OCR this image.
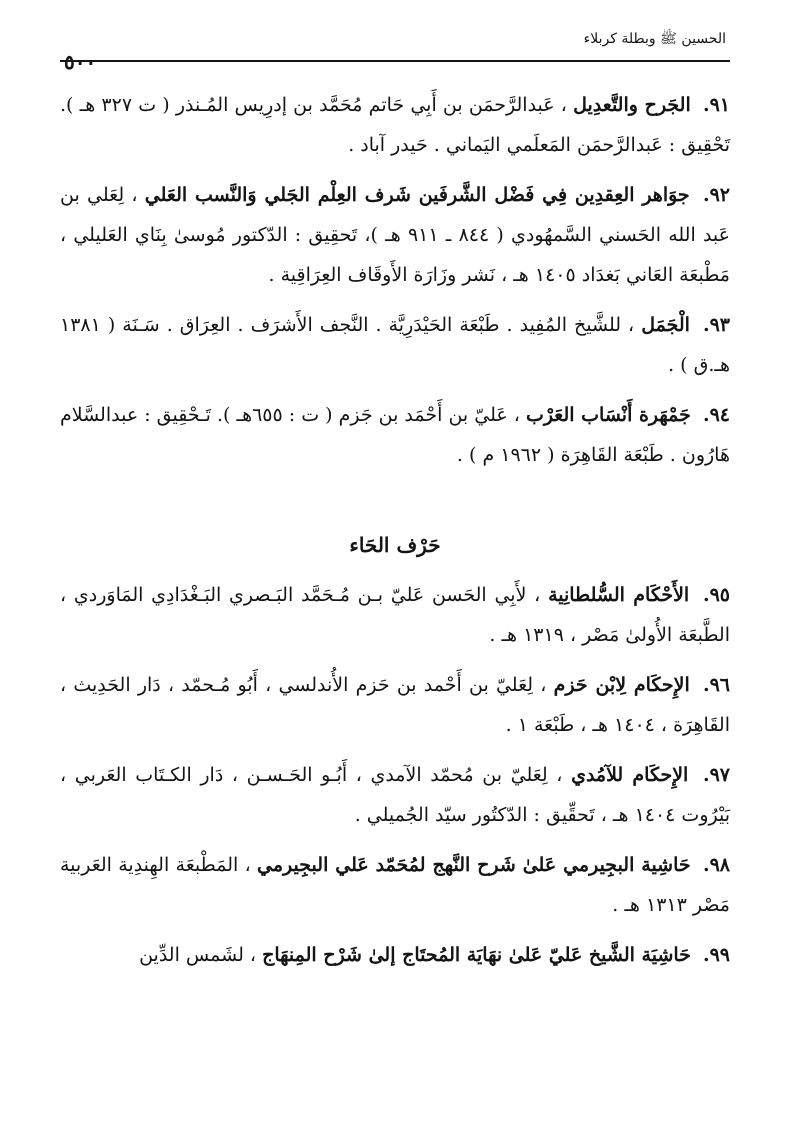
الحسين ﷺ وبطلة كربلاء
٥٠٠

٩١. الجَرح والتَّعدِيل ، عَبدالرَّحمَن بن أَبِي حَاتم مُحَمَّد بن إدرِيس المُـنذر ( ت ٣٢٧ هـ ). تَحْقِيق : عَبدالرَّحمَن المَعلَمي اليَماني . حَيدر آباد .

٩٢. جوَاهر العِقدِين فِي فَضْل الشَّرفَين شَرف العِلْم الجَلي وَالنَّسب العَلي ، لِعَلي بن عَبد الله الحَسني السَّمهُودي ( ٨٤٤ ـ ٩١١ هـ )، تَحقِيق : الدّكتور مُوسىٰ بِنَاي العَليلي ، مَطْبعَة العَاني بَغدَاد ١٤٠٥ هـ ، نَشر وزَارَة الأَوقَاف العِرَاقِية .

٩٣. الْجَمَل ، للشَّيخ المُفِيد . طَبْعَة الحَيْدَرِيَّة . النَّجف الأَشرَف . العِرَاق . سَـنَة ( ١٣٨١ هـ.ق ) .

٩٤. جَمْهَرة أَنْسَاب العَرْب ، عَليّ بن أَحْمَد بن جَزم ( ت : ٦٥٥هـ ). تَـحْقِيق : عبدالسَّلام هَارُون . طَبْعَة القَاهِرَة ( ١٩٦٢ م ) .

حَرْف الحَاء

٩٥. الأَحْكَام السُّلطانِية ، لأَبِي الحَسن عَليّ بـن مُـحَمَّد البَـصري البَـغْدَادِي المَاوَردي ، الطَّبعَة الأُولىٰ مَصْر ، ١٣١٩ هـ .

٩٦. الإِحكَام لِابْن حَزم ، لِعَليّ بن أَحْمد بن حَزم الأُندلسي ، أَبُو مُـحمّد ، دَار الحَدِيث ، القَاهِرَة ، ١٤٠٤ هـ ، طَبْعَة ١ .

٩٧. الإِحكَام للآمُدي ، لِعَليّ بن مُحمّد الآمدي ، أَبُـو الحَـسـن ، دَار الكـتَاب العَربي ، بَيْرُوت ١٤٠٤ هـ ، تَحقِّيق : الدّكتُور سيّد الجُميلي .

٩٨. حَاشِية البجِيرمي عَلىٰ شَرح النَّهج لمُحَمّد عَلي البجِيرمي ، المَطْبعَة الهِندِية العَربية مَصْر ١٣١٣ هـ .

٩٩. حَاشِيَة الشَّيخ عَليّ عَلىٰ نهَايَة المُحتَاج إلىٰ شَرْح المِنهَاج ، لشَمس الدِّين
